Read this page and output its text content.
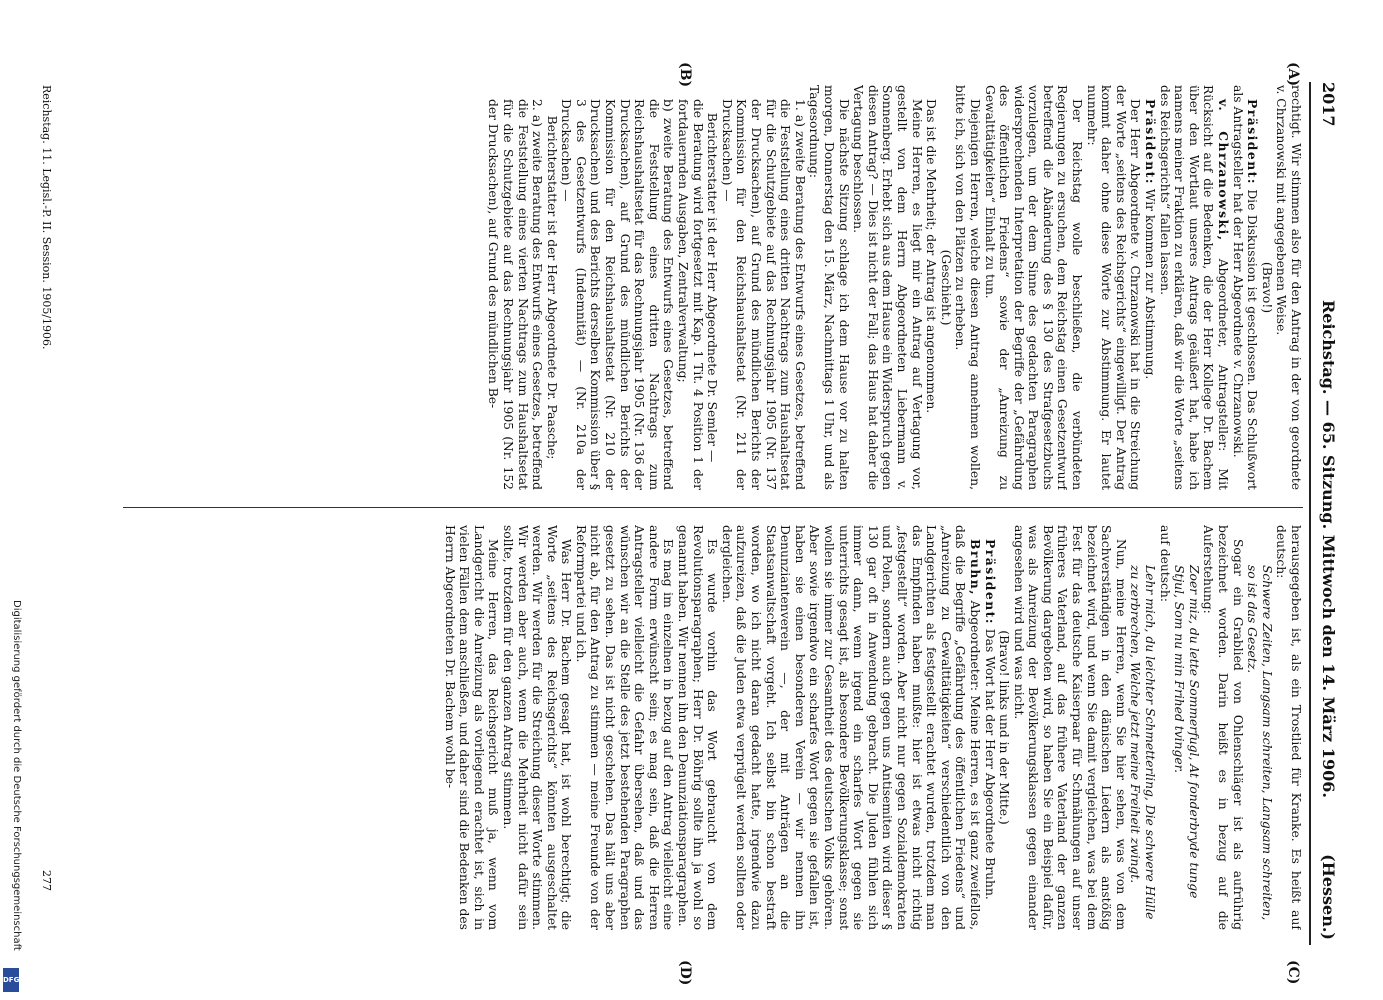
2017
Reichstag. — 65. Sitzung. Mittwoch den 14. März 1906.
(Hessen.)
(A)
(B)
(C)
(D)

rechtigt. Wir stimmen also für den Antrag in der von geordnete v. Chrzanowski mit angegebenen Weise.

(Bravo!)

Präsident: Die Diskussion ist geschlossen. Das Schlußwort als Antragsteller hat der Herr Abgeordnete v. Chrzanowski.

v. Chrzanowski, Abgeordneter, Antragsteller: Mit Rücksicht auf die Bedenken, die der Herr Kollege Dr. Bachem über den Wortlaut unseres Antrags geäußert hat, habe ich namens meiner Fraktion zu erklären, daß wir die Worte „seitens des Reichsgerichts“ fallen lassen.

Präsident: Wir kommen zur Abstimmung.

Der Herr Abgeordnete v. Chrzanowski hat in die Streichung der Worte „seitens des Reichsgerichts“ eingewilligt. Der Antrag kommt daher ohne diese Worte zur Abstimmung. Er lautet nunmehr:

Der Reichstag wolle beschließen, die verbündeten Regierungen zu ersuchen, dem Reichstag einen Gesetzentwurf betreffend die Abänderung des § 130 des Strafgesetzbuchs vorzulegen, um der dem Sinne des gedachten Paragraphen widersprechenden Interpretation der Begriffe der „Gefährdung des öffentlichen Friedens“ sowie der „Anreizung zu Gewalttätigkeiten“ Einhalt zu tun.

Diejenigen Herren, welche diesen Antrag annehmen wollen, bitte ich, sich von den Plätzen zu erheben.

(Geschieht.)

Das ist die Mehrheit; der Antrag ist angenommen.

Meine Herren, es liegt mir ein Antrag auf Vertagung vor, gestellt von dem Herrn Abgeordneten Liebermann v. Sonnenberg. Erhebt sich aus dem Hause ein Widerspruch gegen diesen Antrag? — Dies ist nicht der Fall; das Haus hat daher die Vertagung beschlossen.

Die nächste Sitzung schlage ich dem Hause vor zu halten morgen, Donnerstag den 15. März, Nachmittags 1 Uhr, und als Tagesordnung:

1. a) zweite Beratung des Entwurfs eines Gesetzes, betreffend die Feststellung eines dritten Nachtrags zum Haushaltsetat für die Schutzgebiete auf das Rechnungsjahr 1905 (Nr. 137 der Drucksachen), auf Grund des mündlichen Berichts der Kommission für den Reichshaushaltsetat (Nr. 211 der Drucksachen) —

Berichterstatter ist der Herr Abgeordnete Dr. Semler —

die Beratung wird fortgesetzt mit Kap. 1 Tit. 4 Position 1 der fortdauernden Ausgaben, Zentralverwaltung;

b) zweite Beratung des Entwurfs eines Gesetzes, betreffend die Feststellung eines dritten Nachtrags zum Reichshaushaltsetat für das Rechnungsjahr 1905 (Nr. 136 der Drucksachen), auf Grund des mündlichen Berichts der Kommission für den Reichshaushaltsetat (Nr. 210 der Drucksachen) und des Berichts derselben Kommission über § 3 des Gesetzentwurfs (Indemnität) — (Nr. 210a der Drucksachen) —

Berichterstatter ist der Herr Abgeordnete Dr. Paasche;

2. a) zweite Beratung des Entwurfs eines Gesetzes, betreffend die Feststellung eines vierten Nachtrags zum Haushaltsetat für die Schutzgebiete auf das Rechnungsjahr 1905 (Nr. 152 der Drucksachen), auf Grund des mündlichen Be-

herausgegeben ist, als ein Trostlied für Kranke. Es heißt auf deutsch:

Schwere Zeiten, Langsam schreiten, Langsam schreiten, so ist das Gesetz.

Sogar ein Grablied von Ohlenschläger ist als aufrührig bezeichnet worden. Darin heißt es in bezug auf die Auferstehung:

Zoer miz, du lette Sommerfugl, At fonderbryde tunge Stjul, Som nu min Frihed tvinger.

auf deutsch:

Lehr mich, du leichter Schmetterling, Die schwere Hülle zu zerbrechen, Welche jetzt meine Freiheit zwingt.

Nun, meine Herren, wenn Sie hier sehen, was von dem Sachverständigen in den dänischen Liedern als anstößig bezeichnet wird, und wenn Sie damit vergleichen, was bei dem Fest für das deutsche Kaiserpaar für Schmähungen auf unser früheres Vaterland, auf das frühere Vaterland der ganzen Bevölkerung dargeboten wird, so haben Sie ein Beispiel dafür, was als Anreizung der Bevölkerungsklassen gegen einander angesehen wird und was nicht.

(Bravo! links und in der Mitte.)

Präsident: Das Wort hat der Herr Abgeordnete Bruhn.

Bruhn, Abgeordneter: Meine Herren, es ist ganz zweifellos, daß die Begriffe „Gefährdung des öffentlichen Friedens“ und „Anreizung zu Gewalttätigkeiten“ verschiedentlich von den Landgerichten als festgestellt erachtet wurden, trotzdem man das Empfinden haben mußte: hier ist etwas nicht richtig „festgestellt“ worden. Aber nicht nur gegen Sozialdemokraten und Polen, sondern auch gegen uns Antisemiten wird dieser § 130 gar oft in Anwendung gebracht. Die Juden fühlen sich immer dann, wenn irgend ein scharfes Wort gegen sie unterrichts gesagt ist, als besondere Bevölkerungsklasse; sonst wollen sie immer zur Gesamtheit des deutschen Volks gehören. Aber sowie irgendwo ein scharfes Wort gegen sie gefallen ist, haben sie einen besonderen Verein — wir nennen ihn Denunziantenverein —, der mit Anträgen an die Staatsanwaltschaft vorgeht. Ich selbst bin schon bestraft worden, wo ich nicht daran gedacht hatte, irgendwie dazu aufzureizen, daß die Juden etwa verprügelt werden sollten oder dergleichen.

Es wurde vorhin das Wort gebraucht von dem Revolutionsparagraphen; Herr Dr. Böhrig sollte ihn ja wohl so genannt haben. Wir nennen ihn den Denunziationsparagraphen.

Es mag im einzelnen in bezug auf den Antrag vielleicht eine andere Form erwünscht sein; es mag sein, daß die Herren Antragsteller vielleicht die Gefahr übersehen, daß und das wünschen wir an die Stelle des jetzt bestehenden Paragraphen gesetzt zu sehen. Das ist nicht geschehen. Das hält uns aber nicht ab, für den Antrag zu stimmen — meine Freunde von der Reformpartei und ich.

Was Herr Dr. Bachem gesagt hat, ist wohl berechtigt; die Worte „seitens des Reichsgerichts“ könnten ausgeschaltet werden. Wir werden für die Streichung dieser Worte stimmen. Wir werden aber auch, wenn die Mehrheit nicht dafür sein sollte, trotzdem für den ganzen Antrag stimmen.

Meine Herren, das Reichsgericht muß ja, wenn vom Landgericht die Anreizung als vorliegend erachtet ist, sich in vielen Fällen dem anschließen, und daher sind die Bedenken des Herrn Abgeordneten Dr. Bachem wohl be-

Reichstag. 11. Legisl.-P. II. Session. 1905/1906.
277
Digitalisierung gefördert durch die Deutsche Forschungsgemeinschaft
DFG
